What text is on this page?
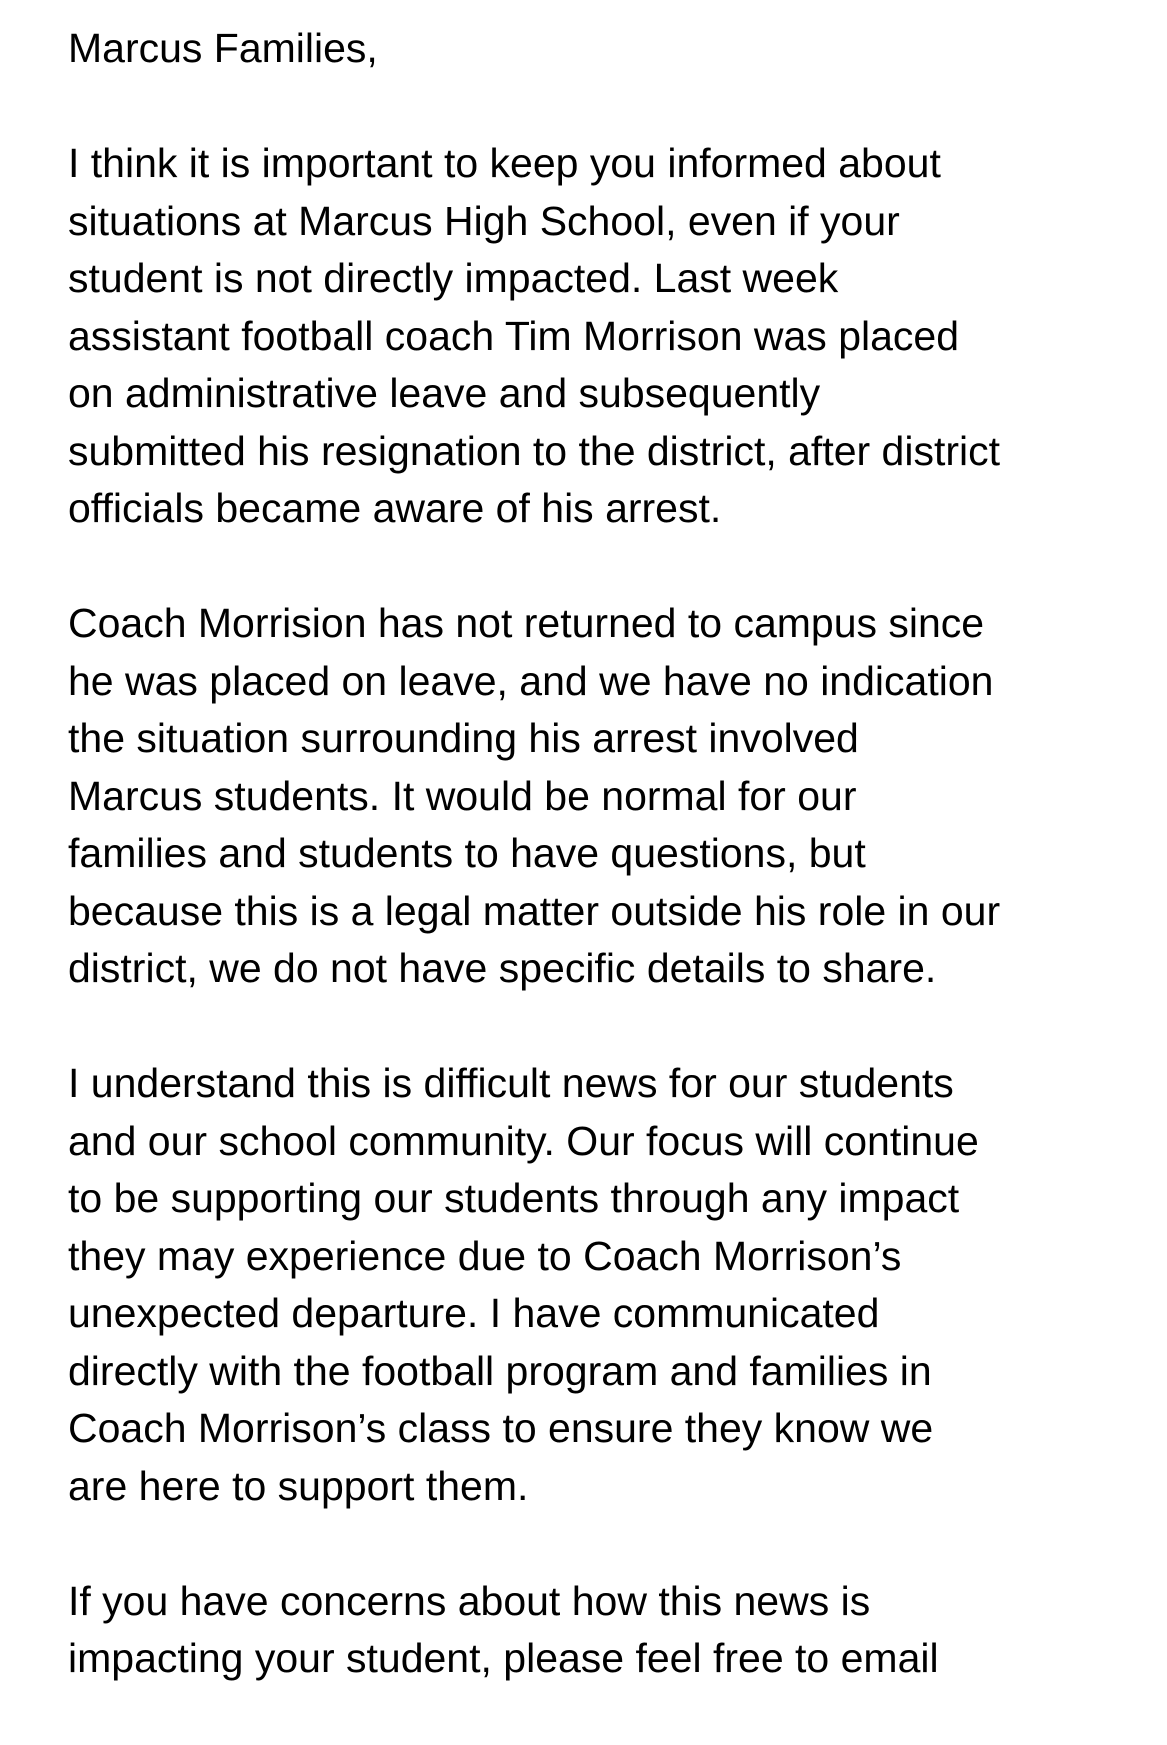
Marcus Families,
I think it is important to keep you informed about
situations at Marcus High School, even if your
student is not directly impacted. Last week
assistant football coach Tim Morrison was placed
on administrative leave and subsequently
submitted his resignation to the district, after district
officials became aware of his arrest.
Coach Morrision has not returned to campus since
he was placed on leave, and we have no indication
the situation surrounding his arrest involved
Marcus students. It would be normal for our
families and students to have questions, but
because this is a legal matter outside his role in our
district, we do not have specific details to share.
I understand this is difficult news for our students
and our school community. Our focus will continue
to be supporting our students through any impact
they may experience due to Coach Morrison’s
unexpected departure. I have communicated
directly with the football program and families in
Coach Morrison’s class to ensure they know we
are here to support them.
If you have concerns about how this news is
impacting your student, please feel free to email
